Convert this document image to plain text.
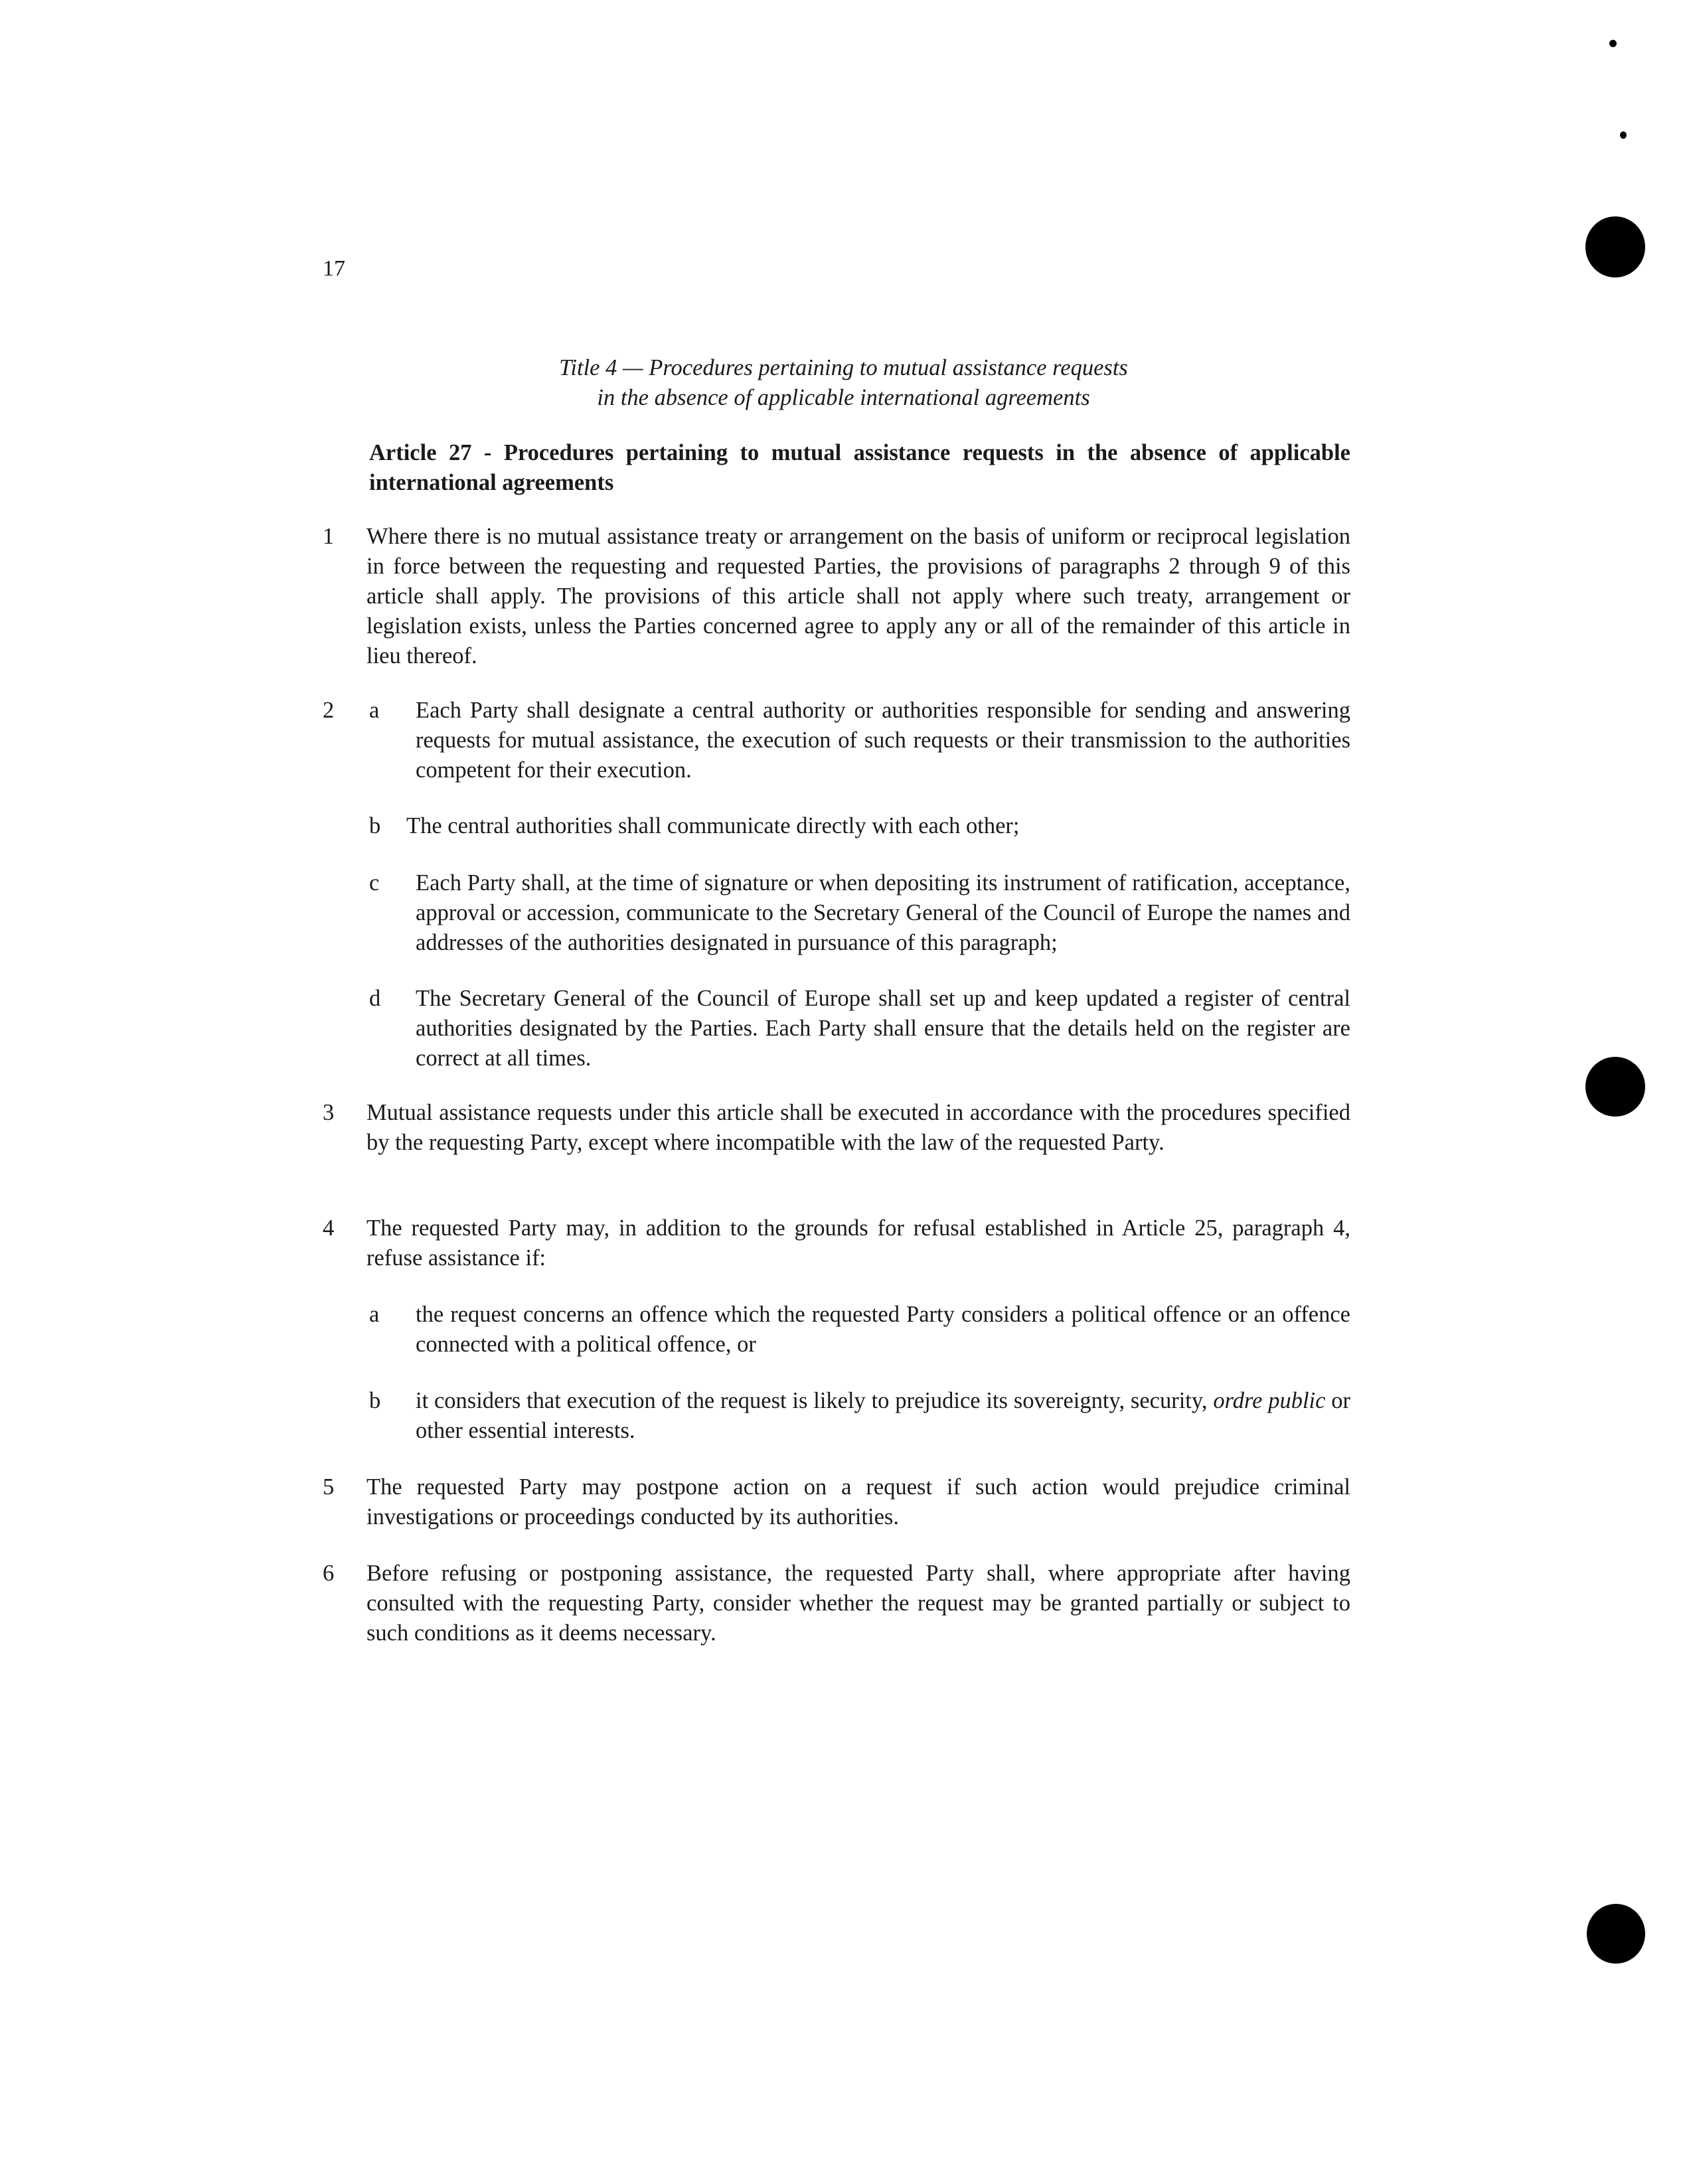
17
Title 4 — Procedures pertaining to mutual assistance requests
in the absence of applicable international agreements
Article 27 - Procedures pertaining to mutual assistance requests in the absence of applicable international agreements
1 Where there is no mutual assistance treaty or arrangement on the basis of uniform or reciprocal legislation in force between the requesting and requested Parties, the provisions of paragraphs 2 through 9 of this article shall apply. The provisions of this article shall not apply where such treaty, arrangement or legislation exists, unless the Parties concerned agree to apply any or all of the remainder of this article in lieu thereof.
2 a Each Party shall designate a central authority or authorities responsible for sending and answering requests for mutual assistance, the execution of such requests or their transmission to the authorities competent for their execution.
b The central authorities shall communicate directly with each other;
c Each Party shall, at the time of signature or when depositing its instrument of ratification, acceptance, approval or accession, communicate to the Secretary General of the Council of Europe the names and addresses of the authorities designated in pursuance of this paragraph;
d The Secretary General of the Council of Europe shall set up and keep updated a register of central authorities designated by the Parties. Each Party shall ensure that the details held on the register are correct at all times.
3 Mutual assistance requests under this article shall be executed in accordance with the procedures specified by the requesting Party, except where incompatible with the law of the requested Party.
4 The requested Party may, in addition to the grounds for refusal established in Article 25, paragraph 4, refuse assistance if:
a the request concerns an offence which the requested Party considers a political offence or an offence connected with a political offence, or
b it considers that execution of the request is likely to prejudice its sovereignty, security, ordre public or other essential interests.
5 The requested Party may postpone action on a request if such action would prejudice criminal investigations or proceedings conducted by its authorities.
6 Before refusing or postponing assistance, the requested Party shall, where appropriate after having consulted with the requesting Party, consider whether the request may be granted partially or subject to such conditions as it deems necessary.
